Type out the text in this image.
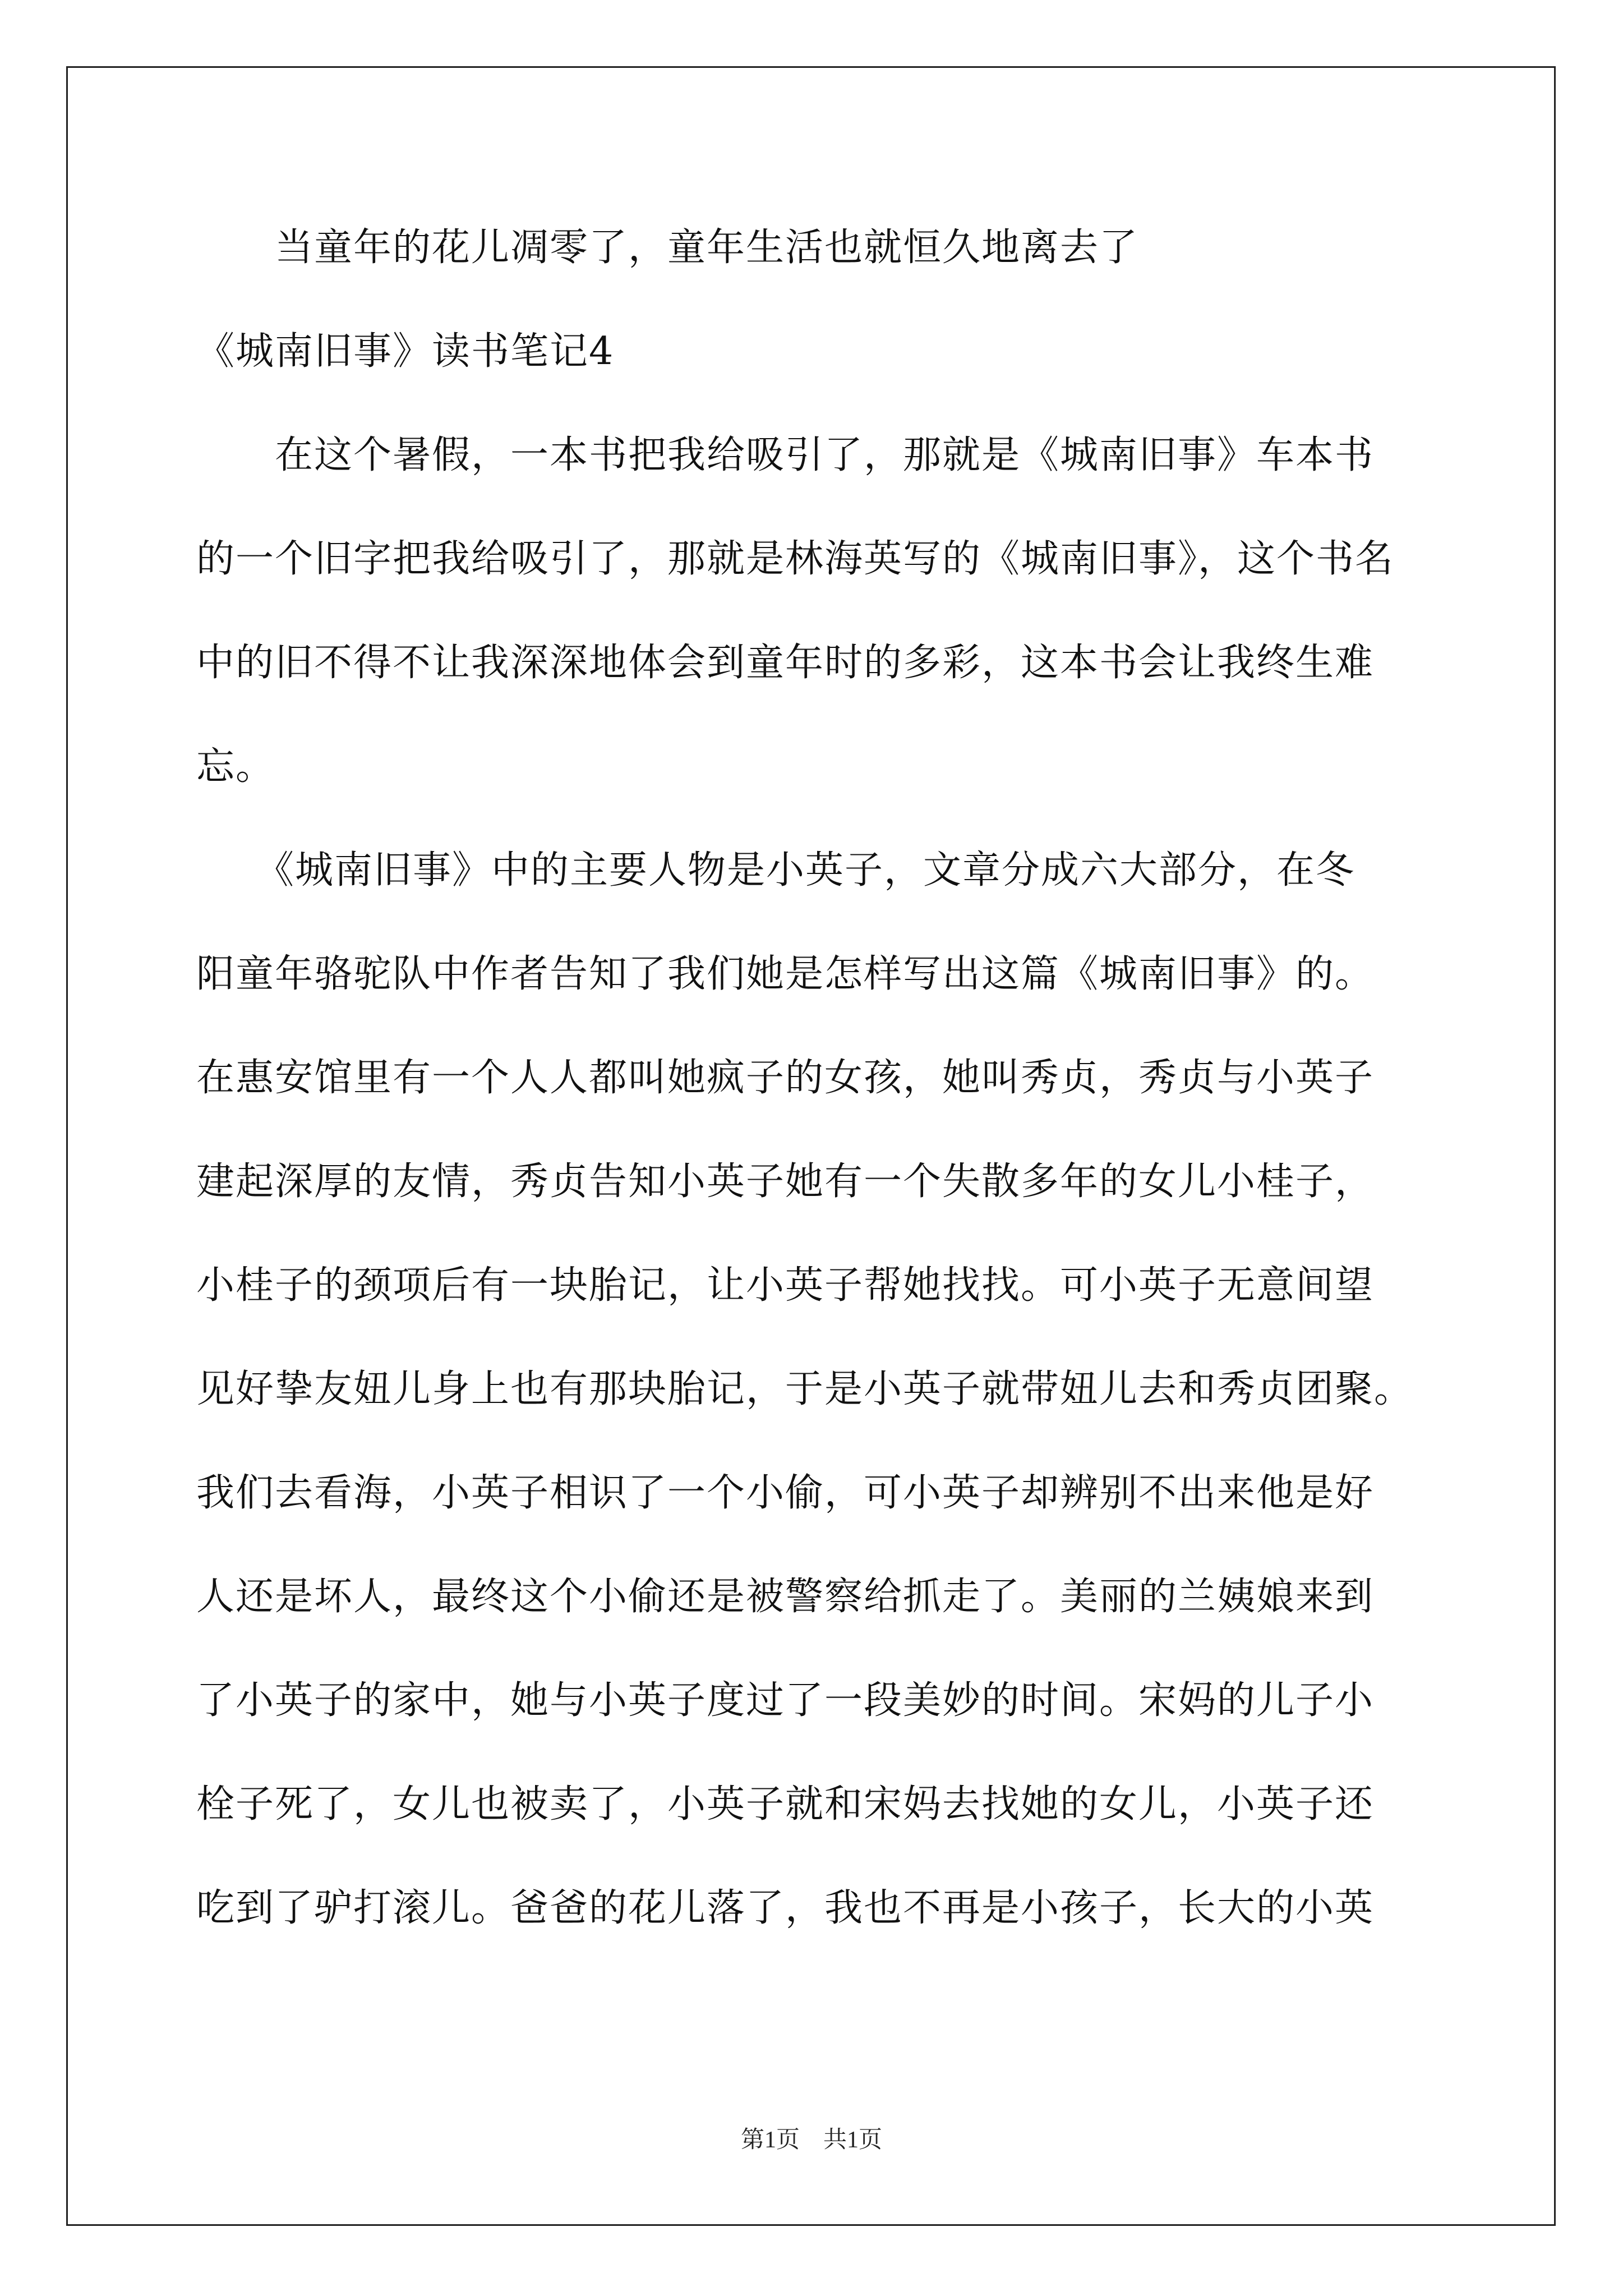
　　当童年的花儿凋零了，童年生活也就恒久地离去了
《城南旧事》读书笔记4
　　在这个暑假，一本书把我给吸引了，那就是《城南旧事》车本书
的一个旧字把我给吸引了，那就是林海英写的《城南旧事》，这个书名
中的旧不得不让我深深地体会到童年时的多彩，这本书会让我终生难
忘。
　　《城南旧事》中的主要人物是小英子，文章分成六大部分，在冬
阳童年骆驼队中作者告知了我们她是怎样写出这篇《城南旧事》的。
在惠安馆里有一个人人都叫她疯子的女孩，她叫秀贞，秀贞与小英子
建起深厚的友情，秀贞告知小英子她有一个失散多年的女儿小桂子，
小桂子的颈项后有一块胎记，让小英子帮她找找。可小英子无意间望
见好挚友妞儿身上也有那块胎记，于是小英子就带妞儿去和秀贞团聚。
我们去看海，小英子相识了一个小偷，可小英子却辨别不出来他是好
人还是坏人，最终这个小偷还是被警察给抓走了。美丽的兰姨娘来到
了小英子的家中，她与小英子度过了一段美妙的时间。宋妈的儿子小
栓子死了，女儿也被卖了，小英子就和宋妈去找她的女儿，小英子还
吃到了驴打滚儿。爸爸的花儿落了，我也不再是小孩子，长大的小英
第1页　共1页
